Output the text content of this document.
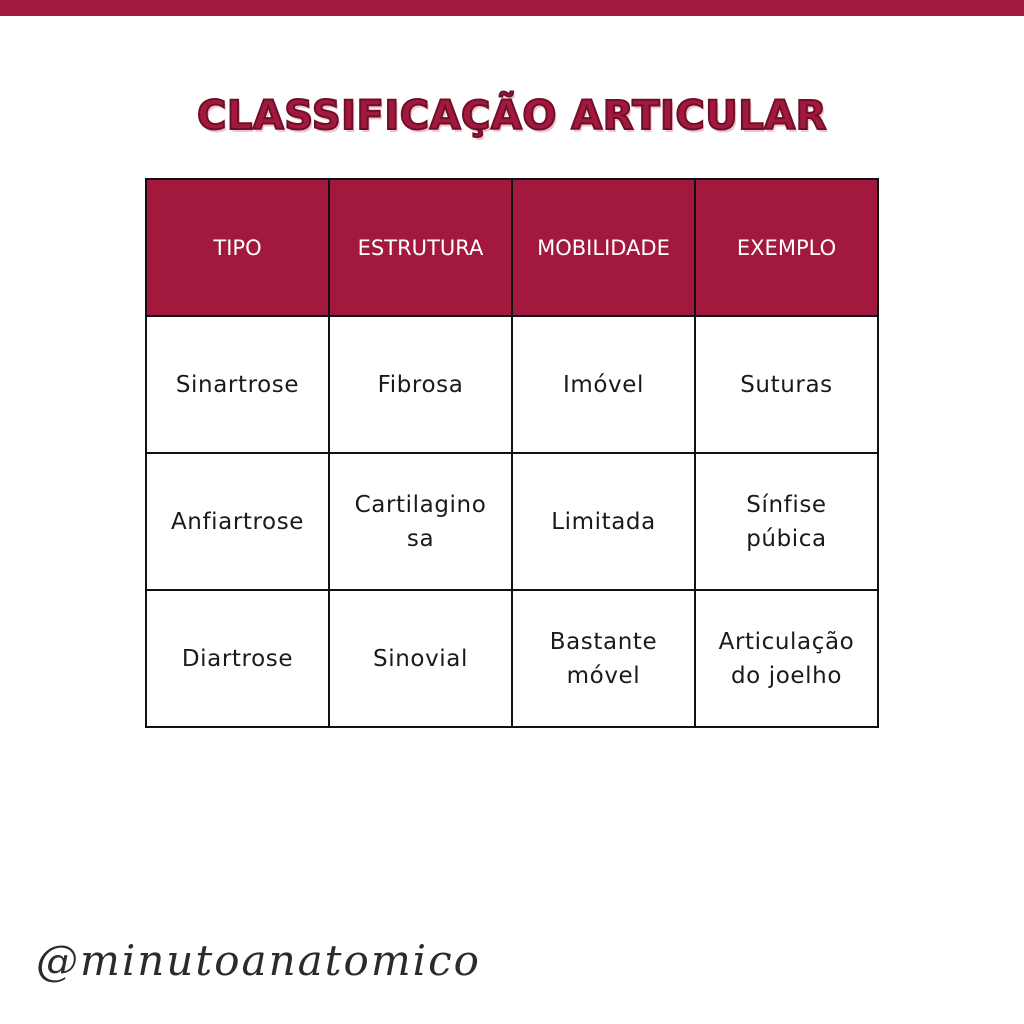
CLASSIFICAÇÃO ARTICULAR
TIPO	ESTRUTURA	MOBILIDADE	EXEMPLO
Sinartrose	Fibrosa	Imóvel	Suturas
Anfiartrose	Cartilagino sa	Limitada	Sínfise púbica
Diartrose	Sinovial	Bastante móvel	Articulação do joelho
@minutoanatomico
